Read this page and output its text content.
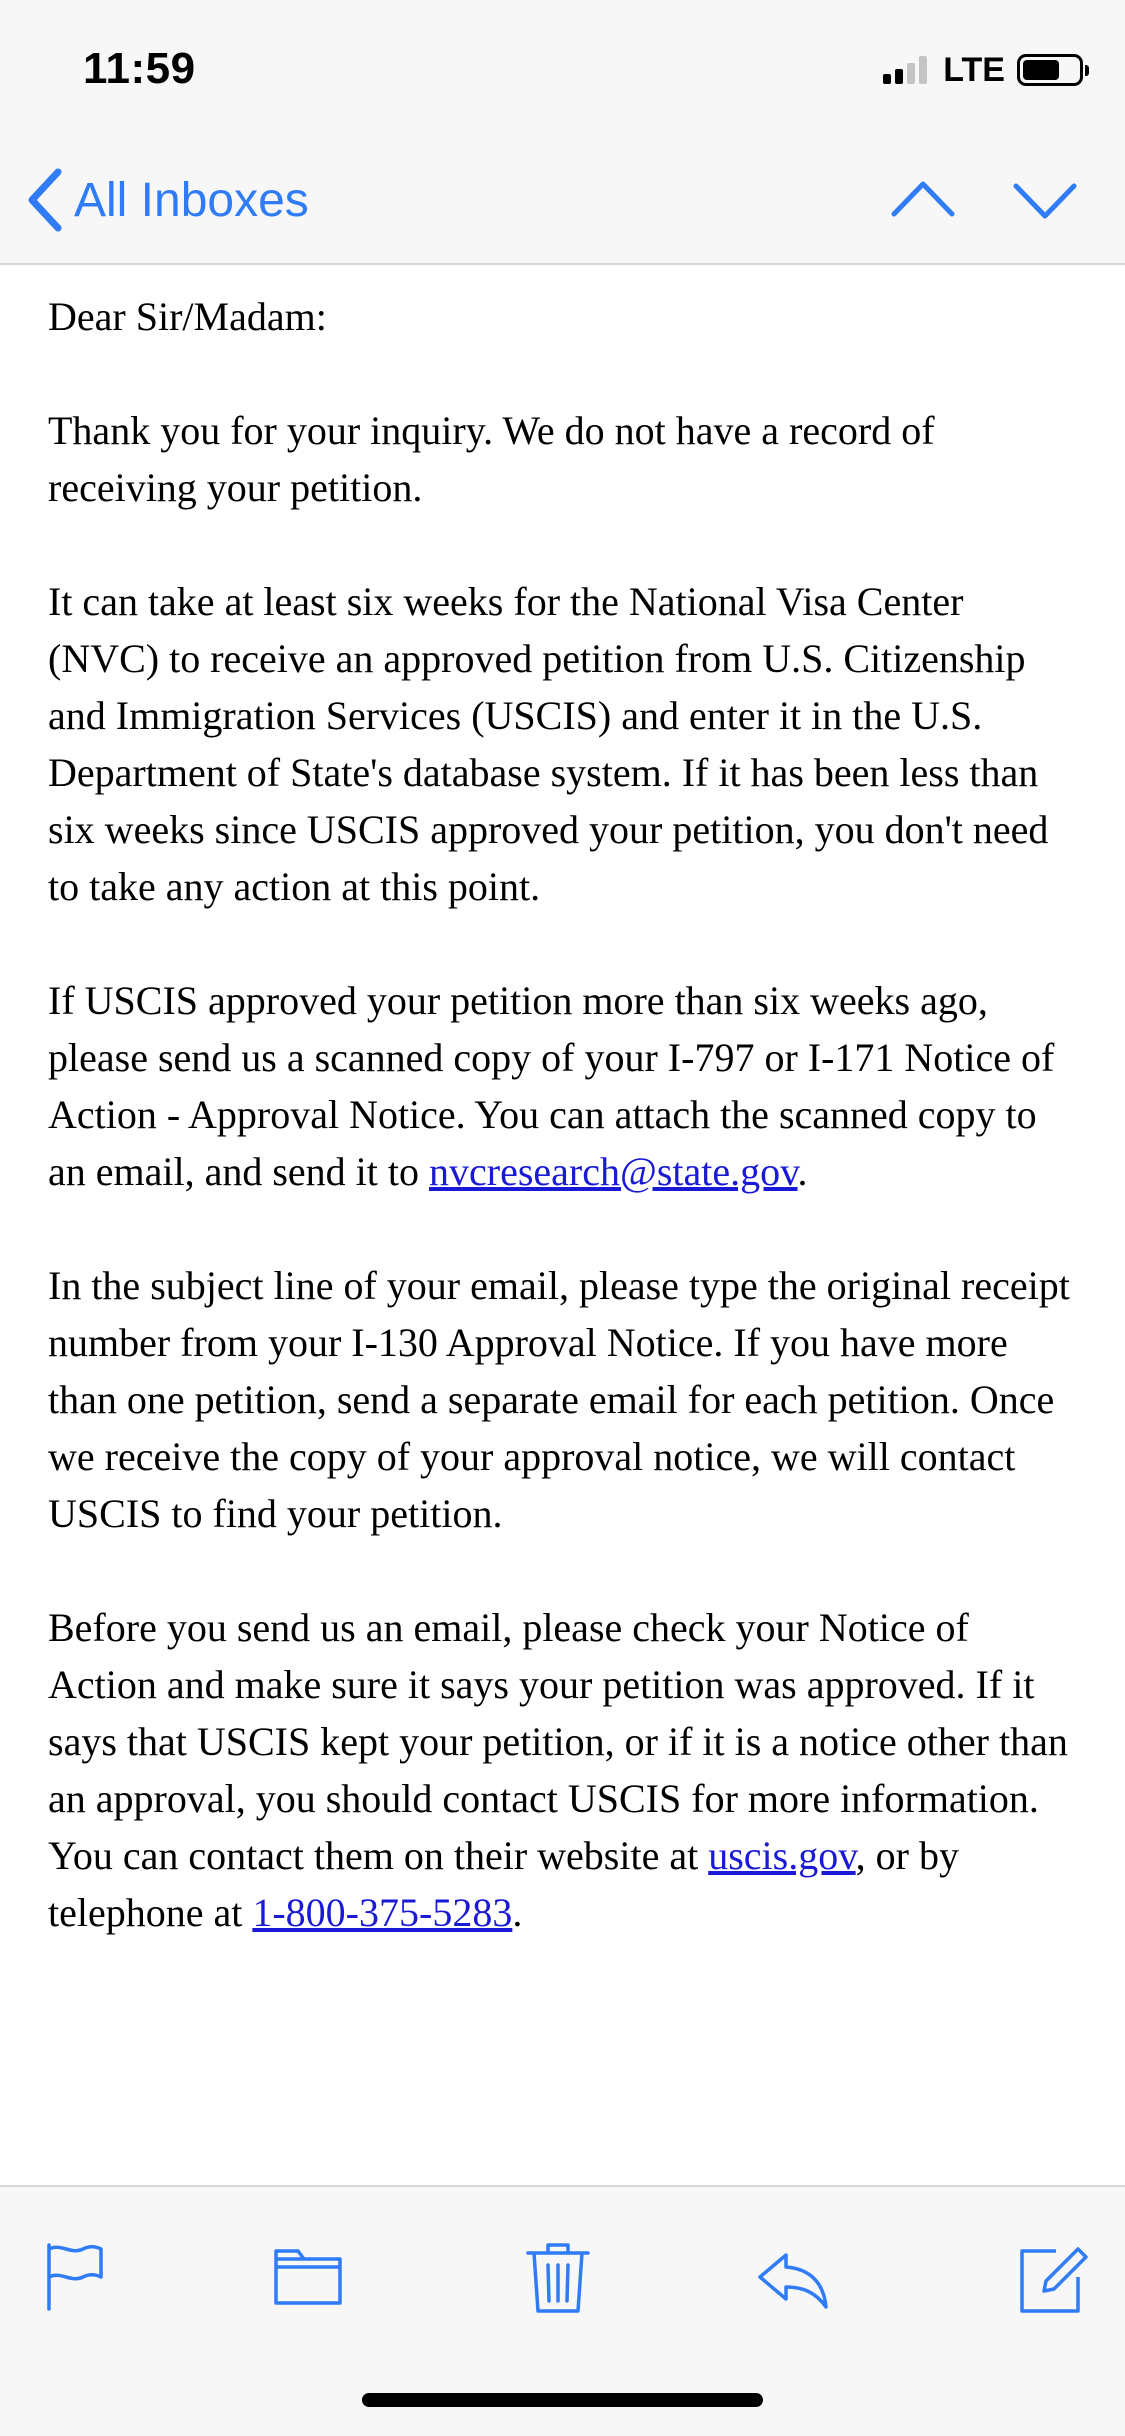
11:59	LTE
All Inboxes

Dear Sir/Madam:

Thank you for your inquiry. We do not have a record of receiving your petition.

It can take at least six weeks for the National Visa Center (NVC) to receive an approved petition from U.S. Citizenship and Immigration Services (USCIS) and enter it in the U.S. Department of State's database system. If it has been less than six weeks since USCIS approved your petition, you don't need to take any action at this point.

If USCIS approved your petition more than six weeks ago, please send us a scanned copy of your I-797 or I-171 Notice of Action - Approval Notice. You can attach the scanned copy to an email, and send it to nvcresearch@state.gov.

In the subject line of your email, please type the original receipt number from your I-130 Approval Notice. If you have more than one petition, send a separate email for each petition. Once we receive the copy of your approval notice, we will contact USCIS to find your petition.

Before you send us an email, please check your Notice of Action and make sure it says your petition was approved. If it says that USCIS kept your petition, or if it is a notice other than an approval, you should contact USCIS for more information. You can contact them on their website at uscis.gov, or by telephone at 1-800-375-5283.
